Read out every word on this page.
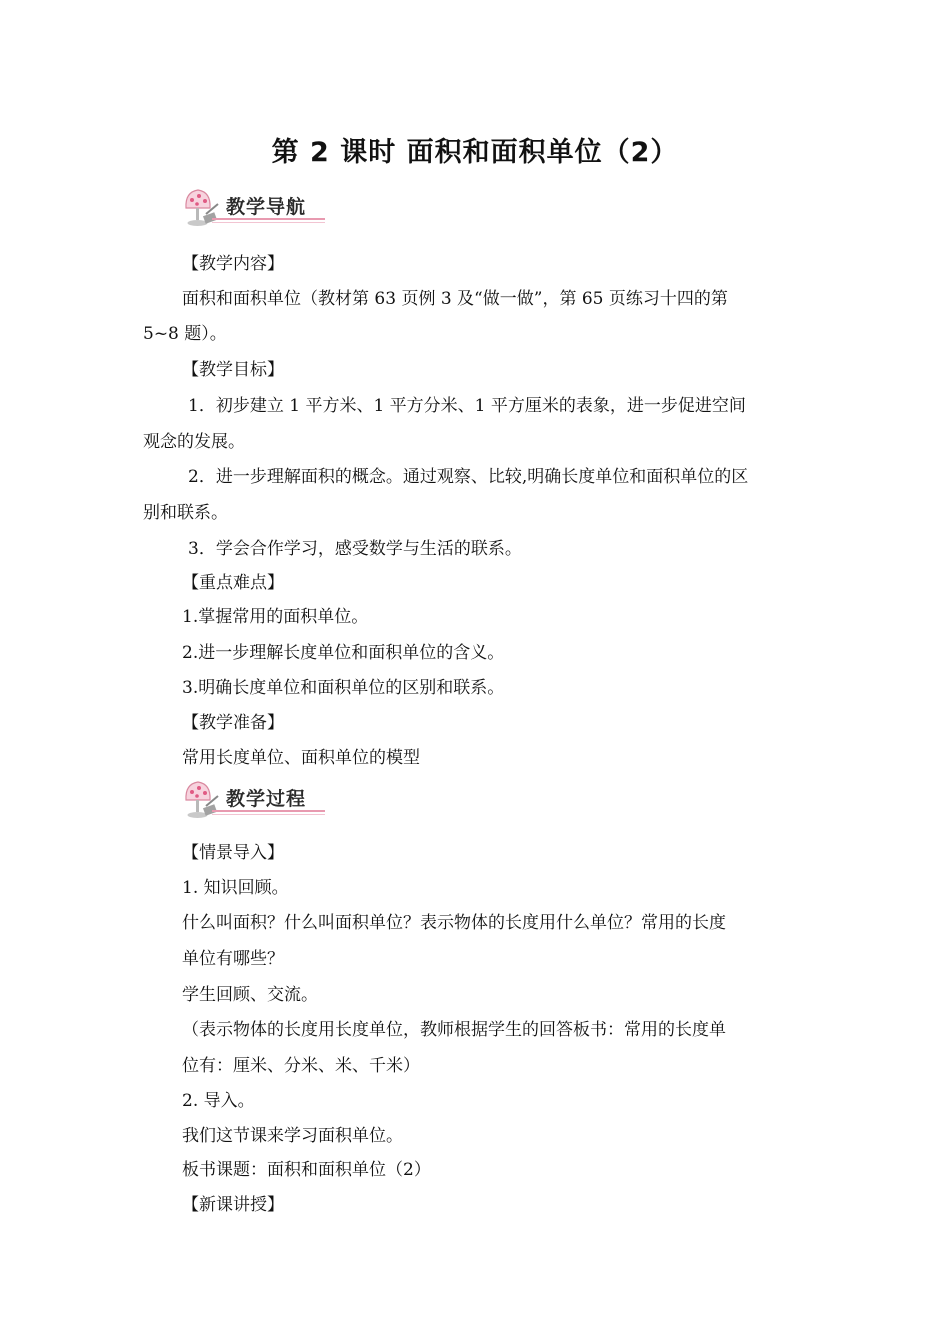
第 2 课时 面积和面积单位（2）
教学导航
【教学内容】
面积和面积单位（教材第 63 页例 3 及“做一做”，第 65 页练习十四的第
5~8 题）。
【教学目标】
1．初步建立 1 平方米、1 平方分米、1 平方厘米的表象，进一步促进空间
观念的发展。
2．进一步理解面积的概念。通过观察、比较,明确长度单位和面积单位的区
别和联系。
3．学会合作学习，感受数学与生活的联系。
【重点难点】
1.掌握常用的面积单位。
2.进一步理解长度单位和面积单位的含义。
3.明确长度单位和面积单位的区别和联系。
【教学准备】
常用长度单位、面积单位的模型
教学过程
【情景导入】
1. 知识回顾。
什么叫面积？什么叫面积单位？表示物体的长度用什么单位？常用的长度
单位有哪些？
学生回顾、交流。
（表示物体的长度用长度单位，教师根据学生的回答板书：常用的长度单
位有：厘米、分米、米、千米）
2. 导入。
我们这节课来学习面积单位。
板书课题：面积和面积单位（2）
【新课讲授】
